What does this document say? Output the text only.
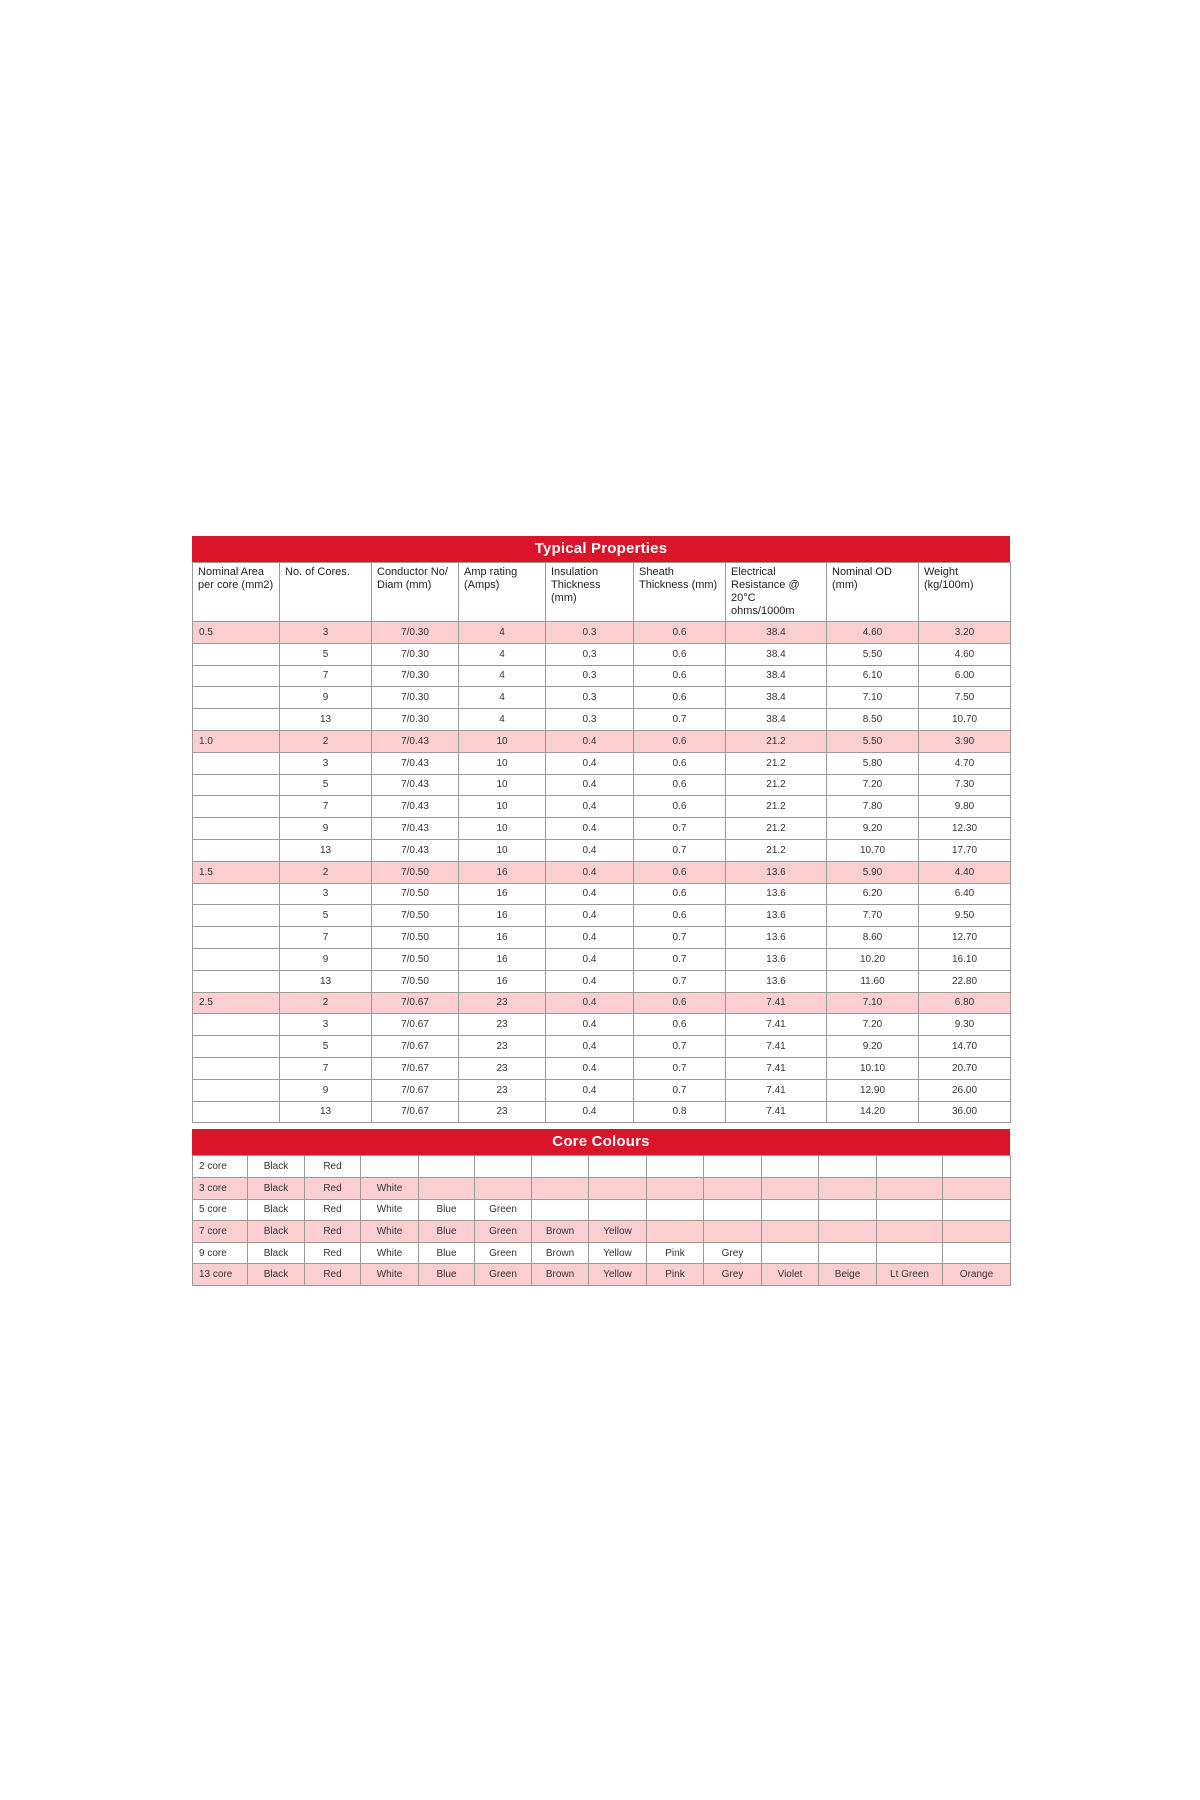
Typical Properties
Nominal Area per core (mm2)	No. of Cores.	Conductor No/ Diam (mm)	Amp rating (Amps)	Insulation Thickness (mm)	Sheath Thickness (mm)	Electrical Resistance @ 20°C ohms/1000m	Nominal OD (mm)	Weight (kg/100m)
0.5	3	7/0.30	4	0.3	0.6	38.4	4.60	3.20
	5	7/0.30	4	0.3	0.6	38.4	5.50	4.60
	7	7/0.30	4	0.3	0.6	38.4	6.10	6.00
	9	7/0.30	4	0.3	0.6	38.4	7.10	7.50
	13	7/0.30	4	0.3	0.7	38.4	8.50	10.70
1.0	2	7/0.43	10	0.4	0.6	21.2	5.50	3.90
	3	7/0.43	10	0.4	0.6	21.2	5.80	4.70
	5	7/0.43	10	0.4	0.6	21.2	7.20	7.30
	7	7/0.43	10	0.4	0.6	21.2	7.80	9.80
	9	7/0.43	10	0.4	0.7	21.2	9.20	12.30
	13	7/0.43	10	0.4	0.7	21.2	10.70	17.70
1.5	2	7/0.50	16	0.4	0.6	13.6	5.90	4.40
	3	7/0.50	16	0.4	0.6	13.6	6.20	6.40
	5	7/0.50	16	0.4	0.6	13.6	7.70	9.50
	7	7/0.50	16	0.4	0.7	13.6	8.60	12.70
	9	7/0.50	16	0.4	0.7	13.6	10.20	16.10
	13	7/0.50	16	0.4	0.7	13.6	11.60	22.80
2.5	2	7/0.67	23	0.4	0.6	7.41	7.10	6.80
	3	7/0.67	23	0.4	0.6	7.41	7.20	9.30
	5	7/0.67	23	0.4	0.7	7.41	9.20	14.70
	7	7/0.67	23	0.4	0.7	7.41	10.10	20.70
	9	7/0.67	23	0.4	0.7	7.41	12.90	26.00
	13	7/0.67	23	0.4	0.8	7.41	14.20	36.00
Core Colours
2 core	Black	Red											
3 core	Black	Red	White										
5 core	Black	Red	White	Blue	Green								
7 core	Black	Red	White	Blue	Green	Brown	Yellow						
9 core	Black	Red	White	Blue	Green	Brown	Yellow	Pink	Grey				
13 core	Black	Red	White	Blue	Green	Brown	Yellow	Pink	Grey	Violet	Beige	Lt Green	Orange
